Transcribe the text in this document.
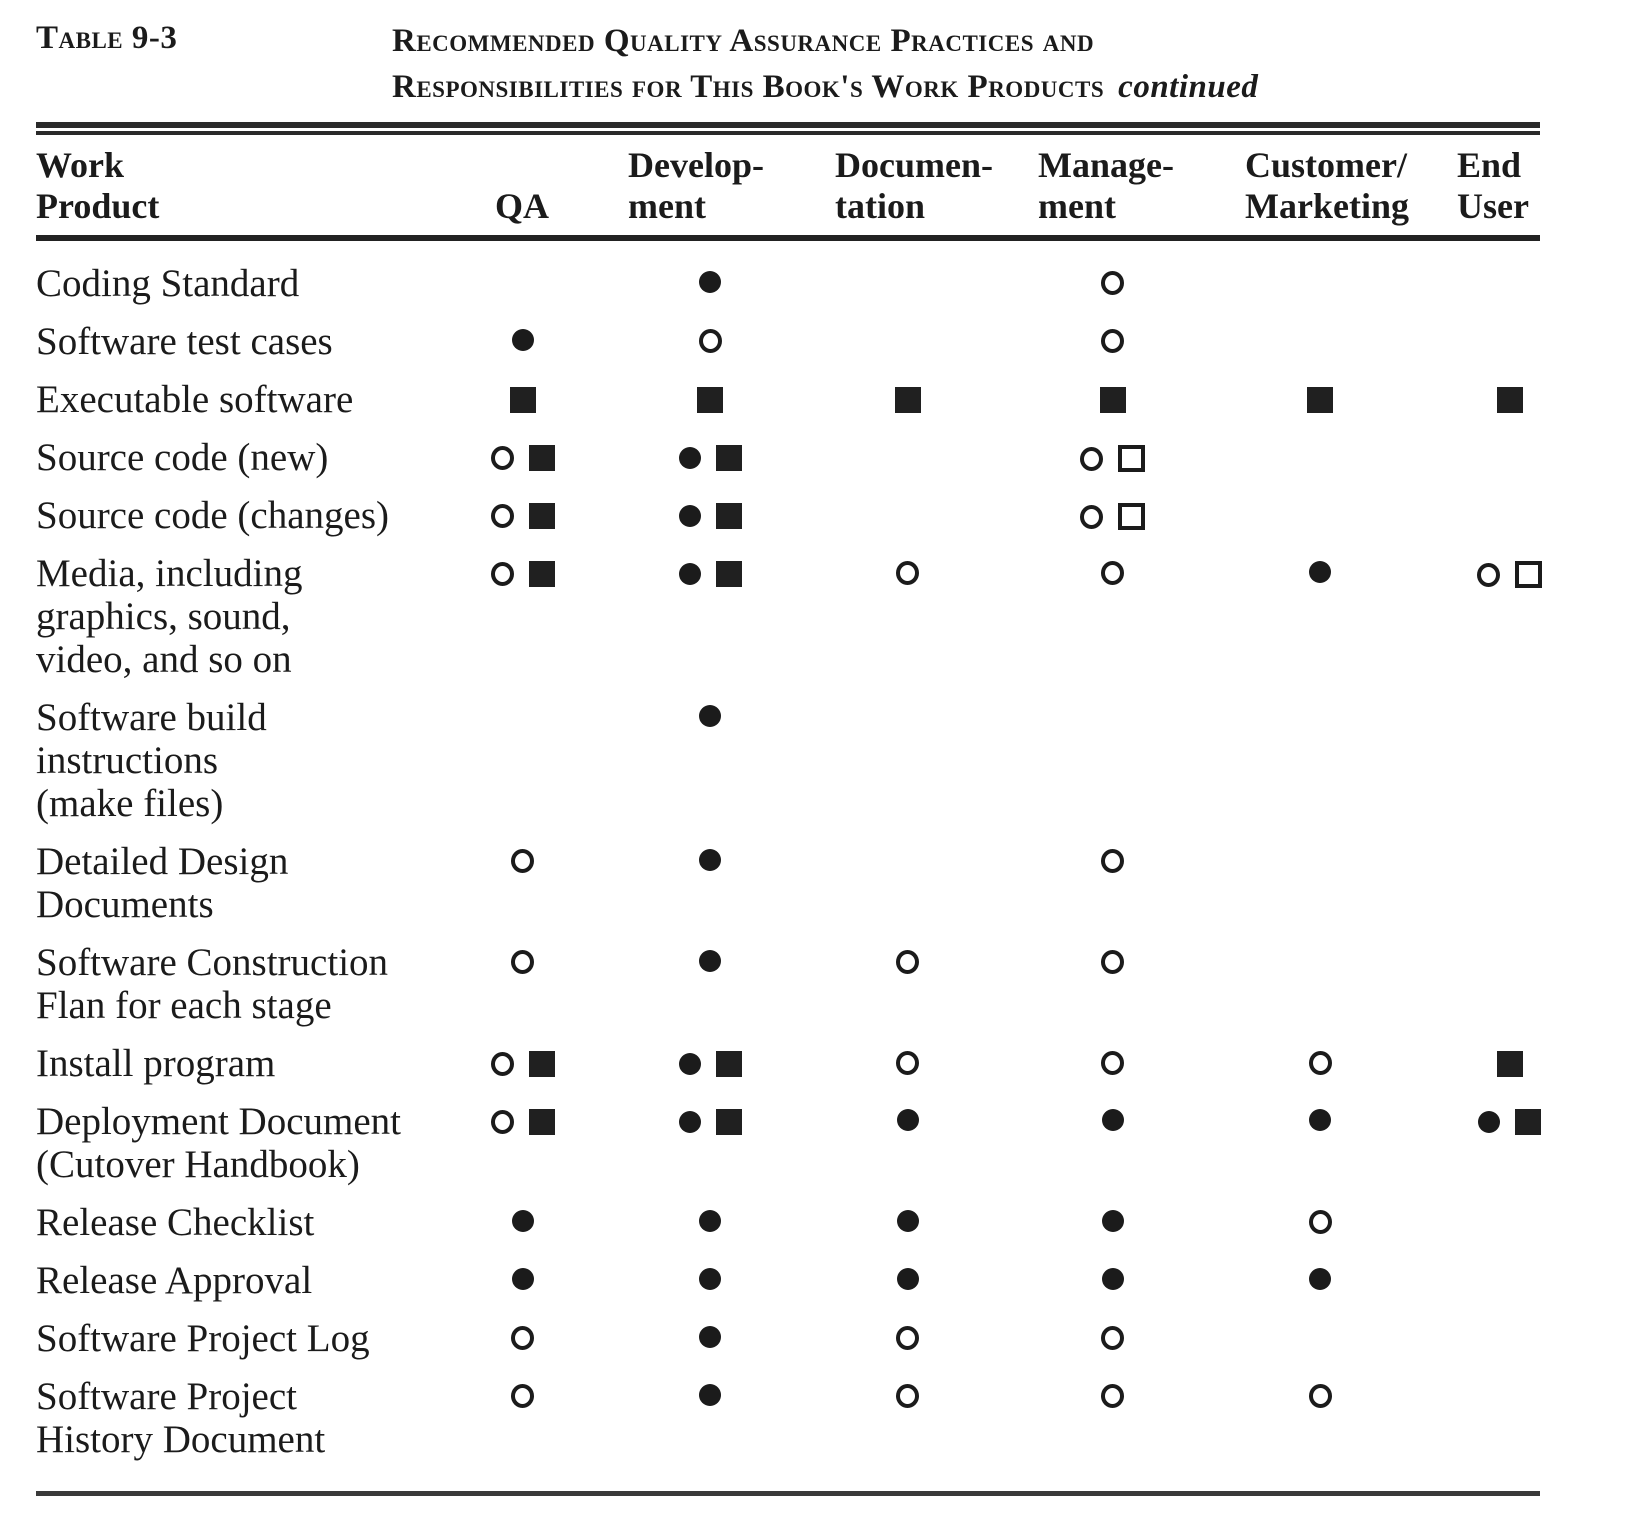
Table 9-3	Recommended Quality Assurance Practices and
Responsibilities for This Book's Work Products continued
Work
Product	QA
Develop-
ment
Documen-
tation
Manage-
ment
Customer/
Marketing
End
User
Coding Standard
Software test cases
Executable software
Source code (new)
Source code (changes)
Media, including
graphics, sound,
video, and so on
Software build
instructions
(make files)
Detailed Design
Documents
Software Construction
Flan for each stage
Install program
Deployment Document
(Cutover Handbook)
Release Checklist
Release Approval
Software Project Log
Software Project
History Document
